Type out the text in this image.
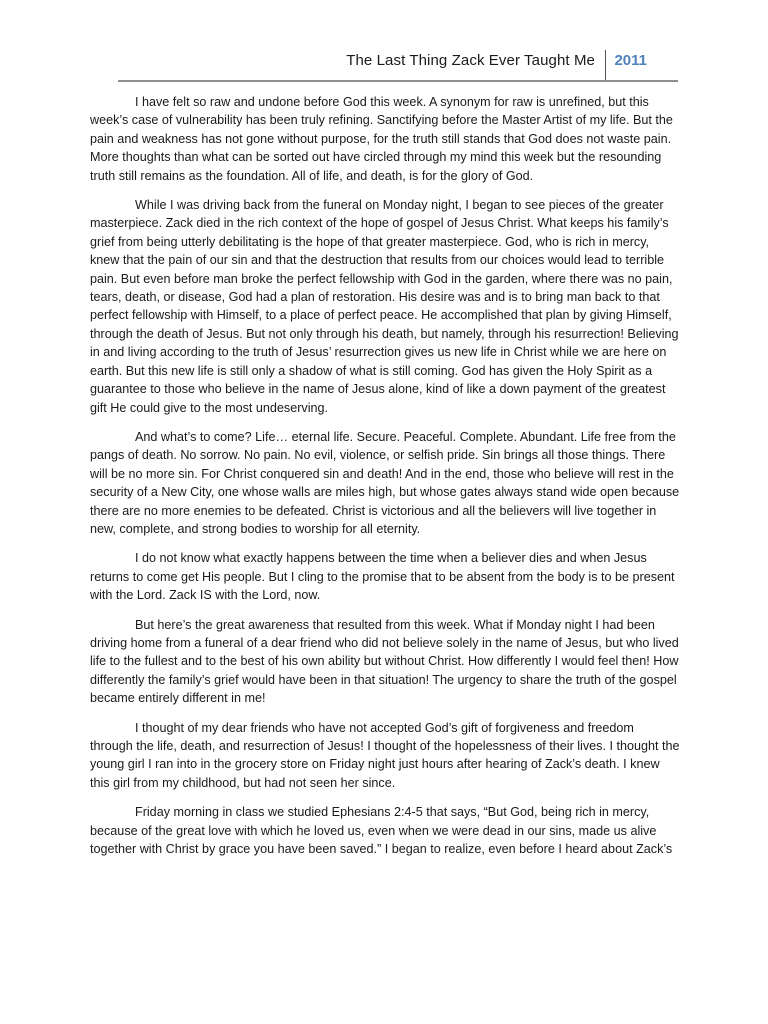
The Last Thing Zack Ever Taught Me 2011

I have felt so raw and undone before God this week. A synonym for raw is unrefined, but this week’s case of vulnerability has been truly refining. Sanctifying before the Master Artist of my life. But the pain and weakness has not gone without purpose, for the truth still stands that God does not waste pain. More thoughts than what can be sorted out have circled through my mind this week but the resounding truth still remains as the foundation. All of life, and death, is for the glory of God.

While I was driving back from the funeral on Monday night, I began to see pieces of the greater masterpiece. Zack died in the rich context of the hope of gospel of Jesus Christ. What keeps his family’s grief from being utterly debilitating is the hope of that greater masterpiece. God, who is rich in mercy, knew that the pain of our sin and that the destruction that results from our choices would lead to terrible pain. But even before man broke the perfect fellowship with God in the garden, where there was no pain, tears, death, or disease, God had a plan of restoration. His desire was and is to bring man back to that perfect fellowship with Himself, to a place of perfect peace. He accomplished that plan by giving Himself, through the death of Jesus. But not only through his death, but namely, through his resurrection! Believing in and living according to the truth of Jesus’ resurrection gives us new life in Christ while we are here on earth. But this new life is still only a shadow of what is still coming. God has given the Holy Spirit as a guarantee to those who believe in the name of Jesus alone, kind of like a down payment of the greatest gift He could give to the most undeserving.

And what’s to come? Life… eternal life. Secure. Peaceful. Complete. Abundant. Life free from the pangs of death. No sorrow. No pain. No evil, violence, or selfish pride. Sin brings all those things. There will be no more sin. For Christ conquered sin and death! And in the end, those who believe will rest in the security of a New City, one whose walls are miles high, but whose gates always stand wide open because there are no more enemies to be defeated. Christ is victorious and all the believers will live together in new, complete, and strong bodies to worship for all eternity.

I do not know what exactly happens between the time when a believer dies and when Jesus returns to come get His people. But I cling to the promise that to be absent from the body is to be present with the Lord. Zack IS with the Lord, now.

But here’s the great awareness that resulted from this week. What if Monday night I had been driving home from a funeral of a dear friend who did not believe solely in the name of Jesus, but who lived life to the fullest and to the best of his own ability but without Christ. How differently I would feel then! How differently the family’s grief would have been in that situation! The urgency to share the truth of the gospel became entirely different in me!

I thought of my dear friends who have not accepted God’s gift of forgiveness and freedom through the life, death, and resurrection of Jesus! I thought of the hopelessness of their lives. I thought the young girl I ran into in the grocery store on Friday night just hours after hearing of Zack’s death. I knew this girl from my childhood, but had not seen her since.

Friday morning in class we studied Ephesians 2:4-5 that says, “But God, being rich in mercy, because of the great love with which he loved us, even when we were dead in our sins, made us alive together with Christ by grace you have been saved.” I began to realize, even before I heard about Zack’s
